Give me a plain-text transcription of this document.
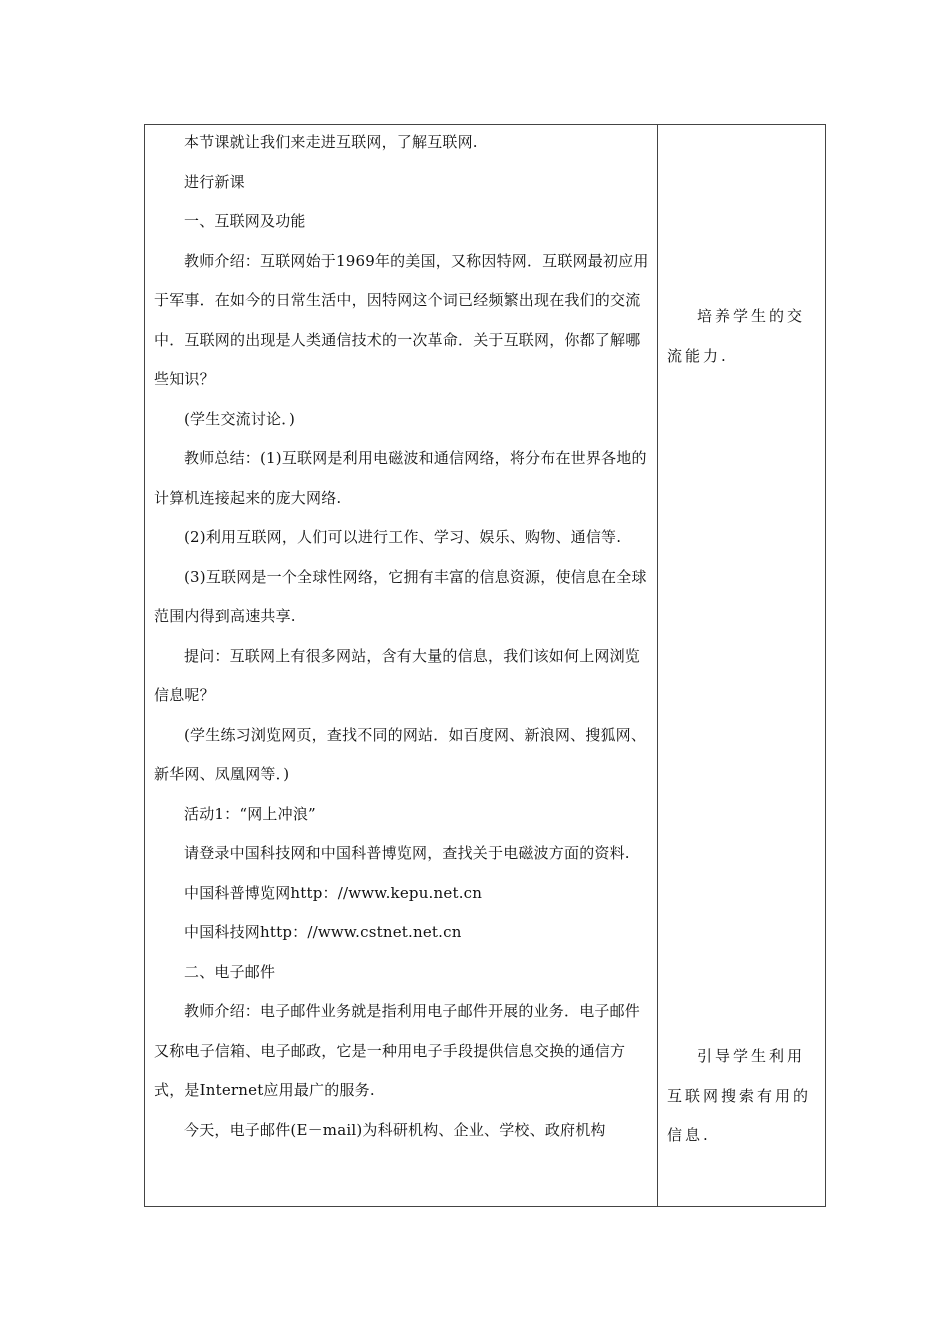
本节课就让我们来走进互联网，了解互联网.

进行新课

一、互联网及功能

教师介绍：互联网始于1969年的美国，又称因特网．互联网最初应用于军事．在如今的日常生活中，因特网这个词已经频繁出现在我们的交流中．互联网的出现是人类通信技术的一次革命．关于互联网，你都了解哪些知识？

(学生交流讨论．)

教师总结：(1)互联网是利用电磁波和通信网络，将分布在世界各地的计算机连接起来的庞大网络.

(2)利用互联网，人们可以进行工作、学习、娱乐、购物、通信等.

(3)互联网是一个全球性网络，它拥有丰富的信息资源，使信息在全球范围内得到高速共享.

提问：互联网上有很多网站，含有大量的信息，我们该如何上网浏览信息呢？

(学生练习浏览网页，查找不同的网站．如百度网、新浪网、搜狐网、新华网、凤凰网等．)

活动1：“网上冲浪”

请登录中国科技网和中国科普博览网，查找关于电磁波方面的资料.

中国科普博览网http：//www.kepu.net.cn

中国科技网http：//www.cstnet.net.cn

二、电子邮件

教师介绍：电子邮件业务就是指利用电子邮件开展的业务．电子邮件又称电子信箱、电子邮政，它是一种用电子手段提供信息交换的通信方式，是Internet应用最广的服务.

今天，电子邮件(E－mail)为科研机构、企业、学校、政府机构

培养学生的交流能力.

引导学生利用互联网搜索有用的信息.
